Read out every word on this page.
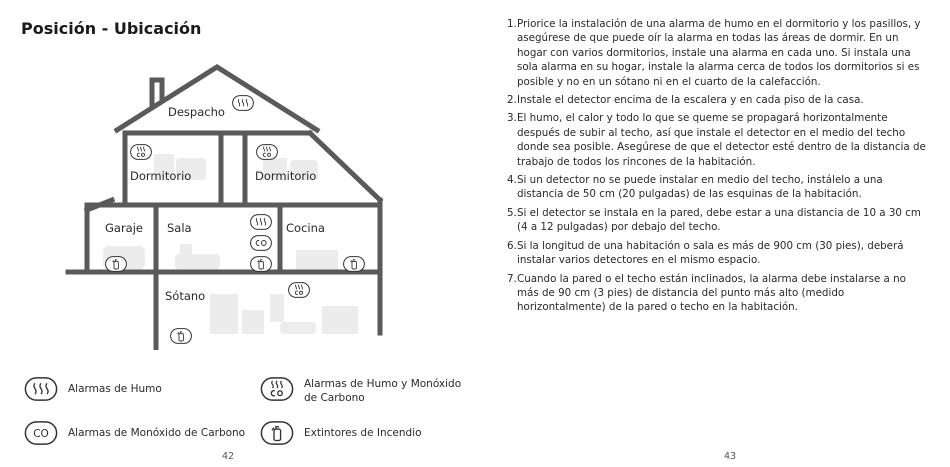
Posición - Ubicación
Despacho
Dormitorio	Dormitorio
Garaje Sala	Cocina
Sótano
Alarmas de Humo	Alarmas de Humo y Monóxido de Carbono
CO Alarmas de Monóxido de Carbono	Extintores de Incendio
42
1. Priorice la instalación de una alarma de humo en el dormitorio y los pasillos, y asegúrese de que puede oír la alarma en todas las áreas de dormir. En un hogar con varios dormitorios, instale una alarma en cada uno. Si instala una sola alarma en su hogar, instale la alarma cerca de todos los dormitorios si es posible y no en un sótano ni en el cuarto de la calefacción.
2. Instale el detector encima de la escalera y en cada piso de la casa.
3. El humo, el calor y todo lo que se queme se propagará horizontalmente después de subir al techo, así que instale el detector en el medio del techo donde sea posible. Asegúrese de que el detector esté dentro de la distancia de trabajo de todos los rincones de la habitación.
4. Si un detector no se puede instalar en medio del techo, instálelo a una distancia de 50 cm (20 pulgadas) de las esquinas de la habitación.
5. Si el detector se instala en la pared, debe estar a una distancia de 10 a 30 cm (4 a 12 pulgadas) por debajo del techo.
6. Si la longitud de una habitación o sala es más de 900 cm (30 pies), deberá instalar varios detectores en el mismo espacio.
7. Cuando la pared o el techo están inclinados, la alarma debe instalarse a no más de 90 cm (3 pies) de distancia del punto más alto (medido horizontalmente) de la pared o techo en la habitación.
43
